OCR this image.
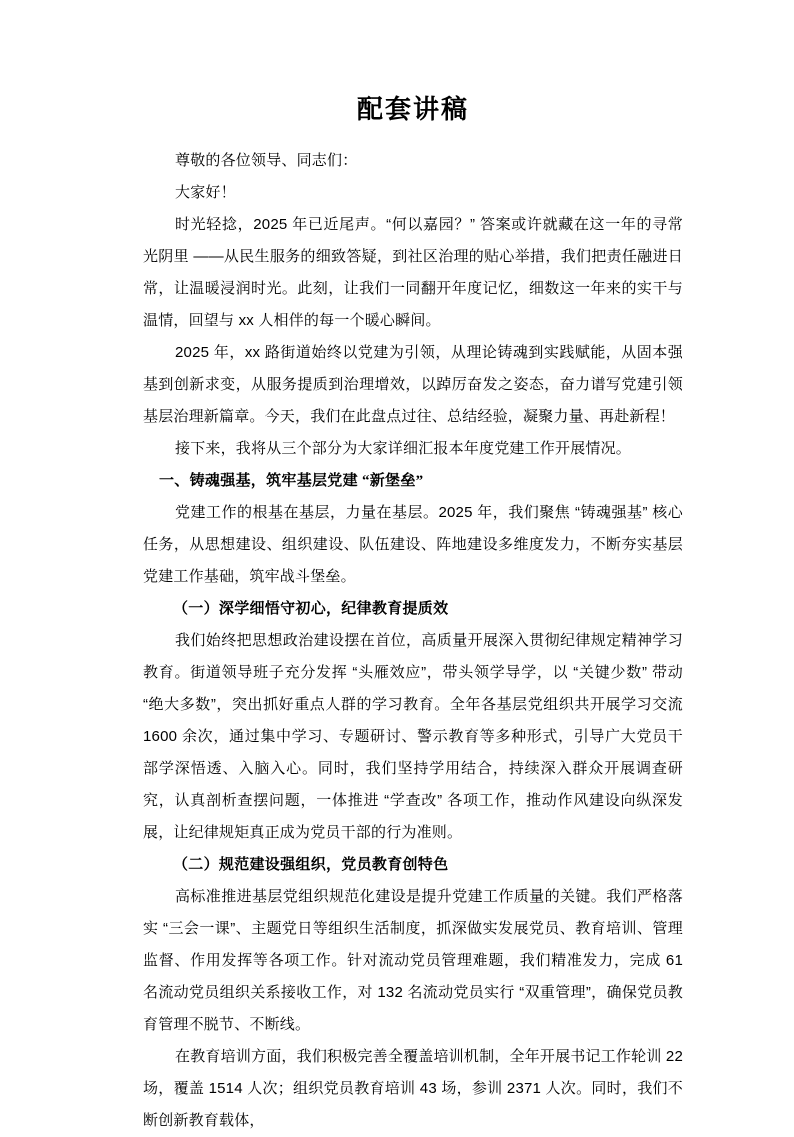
配套讲稿

尊敬的各位领导、同志们：

大家好！

时光轻捻，2025 年已近尾声。“何以嘉园？” 答案或许就藏在这一年的寻常光阴里 ——从民生服务的细致答疑，到社区治理的贴心举措，我们把责任融进日常，让温暖浸润时光。此刻，让我们一同翻开年度记忆，细数这一年来的实干与温情，回望与 xx 人相伴的每一个暖心瞬间。

2025 年，xx 路街道始终以党建为引领，从理论铸魂到实践赋能，从固本强基到创新求变，从服务提质到治理增效，以踔厉奋发之姿态，奋力谱写党建引领基层治理新篇章。今天，我们在此盘点过往、总结经验，凝聚力量、再赴新程！

接下来，我将从三个部分为大家详细汇报本年度党建工作开展情况。

一、铸魂强基，筑牢基层党建 “新堡垒”

党建工作的根基在基层，力量在基层。2025 年，我们聚焦 “铸魂强基” 核心任务，从思想建设、组织建设、队伍建设、阵地建设多维度发力，不断夯实基层党建工作基础，筑牢战斗堡垒。

（一）深学细悟守初心，纪律教育提质效

我们始终把思想政治建设摆在首位，高质量开展深入贯彻纪律规定精神学习教育。街道领导班子充分发挥 “头雁效应”，带头领学导学，以 “关键少数” 带动 “绝大多数”，突出抓好重点人群的学习教育。全年各基层党组织共开展学习交流 1600 余次，通过集中学习、专题研讨、警示教育等多种形式，引导广大党员干部学深悟透、入脑入心。同时，我们坚持学用结合，持续深入群众开展调查研究，认真剖析查摆问题，一体推进 “学查改” 各项工作，推动作风建设向纵深发展，让纪律规矩真正成为党员干部的行为准则。

（二）规范建设强组织，党员教育创特色

高标准推进基层党组织规范化建设是提升党建工作质量的关键。我们严格落实 “三会一课”、主题党日等组织生活制度，抓深做实发展党员、教育培训、管理监督、作用发挥等各项工作。针对流动党员管理难题，我们精准发力，完成 61 名流动党员组织关系接收工作，对 132 名流动党员实行 “双重管理”，确保党员教育管理不脱节、不断线。

在教育培训方面，我们积极完善全覆盖培训机制，全年开展书记工作轮训 22 场，覆盖 1514 人次；组织党员教育培训 43 场，参训 2371 人次。同时，我们不断创新教育载体，
